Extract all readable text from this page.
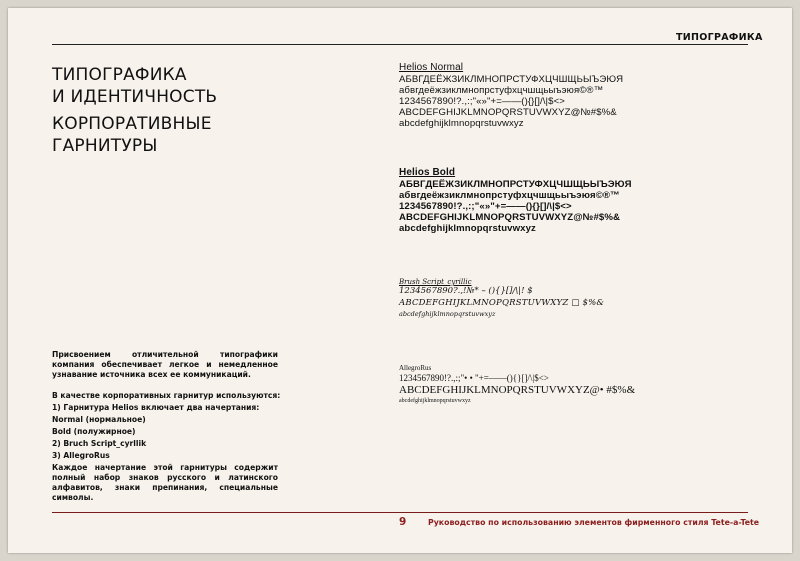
ТИПОГРАФИКА
ТИПОГРАФИКА
И ИДЕНТИЧНОСТЬ
КОРПОРАТИВНЫЕ
ГАРНИТУРЫ
Присвоением отличительной типографики компания обеспечивает легкое и немедленное узнавание источника всех ее коммуникаций.
В качестве корпоративных гарнитур используются:
1) Гарнитура Helios включает два начертания:
Normal (нормальное)
Bold (полужирное)
2) Bruch Script_cyrllik
3) AllegroRus
Каждое начертание этой гарнитуры содержит полный набор знаков русского и латинского алфавитов, знаки препинания, специальные символы.
Helios Normal
АБВГДЕЁЖЗИКЛМНОПРСТУФХЦЧШЩЬЫЪЭЮЯ
абвгдеёжзиклмнопрстуфхцчшщьыъэюя©®™
1234567890!?.,:;"«»"+=——(){}[]/\|$<>
ABCDEFGHIJKLMNOPQRSTUVWXYZ@№#$%&
abcdefghijklmnopqrstuvwxyz
Helios Bold
АБВГДЕЁЖЗИКЛМНОПРСТУФХЦЧШЩЬЫЪЭЮЯ
абвгдеёжзиклмнопрстуфхцчшщьыъэюя©®™
1234567890!?.,:;"«»"+=——(){}[]/\|$<>
ABCDEFGHIJKLMNOPQRSTUVWXYZ@№#$%&
abcdefghijklmnopqrstuvwxyz
Brush Script_cyrillic
1234567890?.,!№* – (){}[]/\|! $
ABCDEFGHIJKLMNOPQRSTUVWXYZ □ $%&
abcdefghijklmnopqrstuvwxyz
AllegroRus
1234567890!?.,:;"• • "+=——(){}[]/\|$<>
ABCDEFGHIJKLMNOPQRSTUVWXYZ@• #$%&
abcdefghijklmnopqrstuvwxyz
9	Руководство по использованию элементов фирменного стиля Tete-a-Tete
